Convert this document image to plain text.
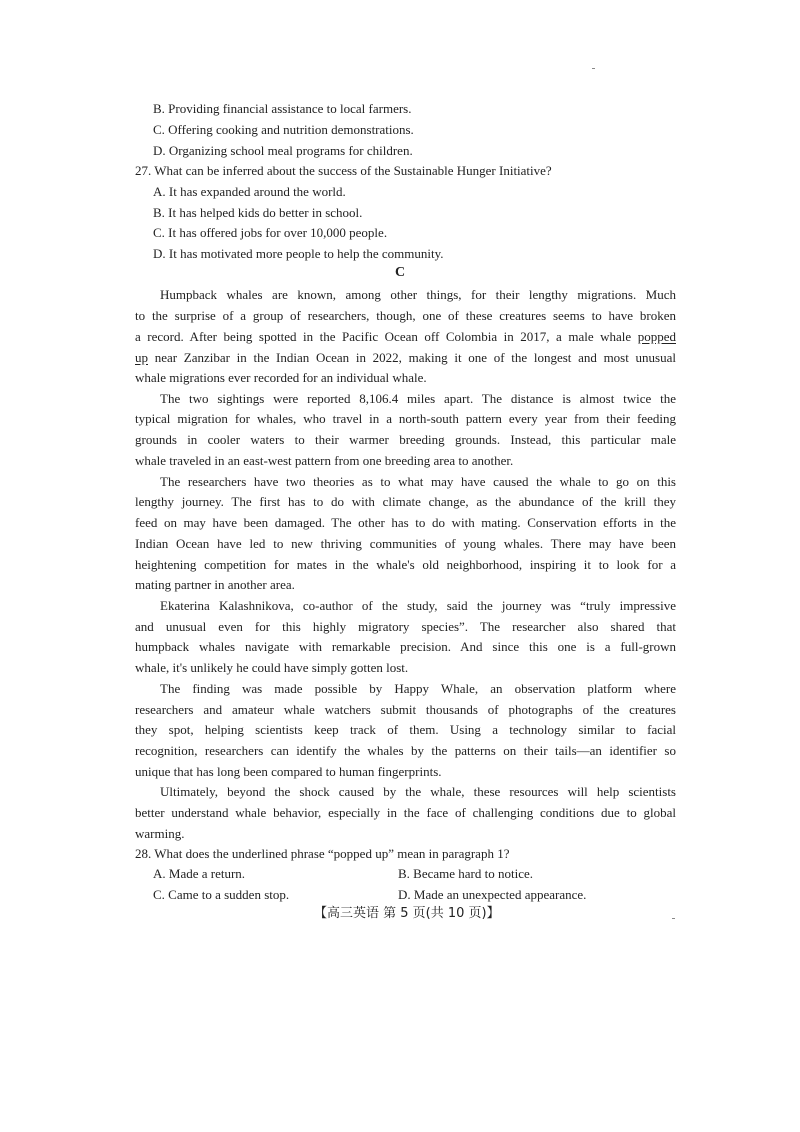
B. Providing financial assistance to local farmers.
C. Offering cooking and nutrition demonstrations.
D. Organizing school meal programs for children.
27. What can be inferred about the success of the Sustainable Hunger Initiative?
A. It has expanded around the world.
B. It has helped kids do better in school.
C. It has offered jobs for over 10,000 people.
D. It has motivated more people to help the community.
C
Humpback whales are known, among other things, for their lengthy migrations. Much
to the surprise of a group of researchers, though, one of these creatures seems to have broken
a record. After being spotted in the Pacific Ocean off Colombia in 2017, a male whale popped
up near Zanzibar in the Indian Ocean in 2022, making it one of the longest and most unusual
whale migrations ever recorded for an individual whale.
The two sightings were reported 8,106.4 miles apart. The distance is almost twice the
typical migration for whales, who travel in a north-south pattern every year from their feeding
grounds in cooler waters to their warmer breeding grounds. Instead, this particular male
whale traveled in an east-west pattern from one breeding area to another.
The researchers have two theories as to what may have caused the whale to go on this
lengthy journey. The first has to do with climate change, as the abundance of the krill they
feed on may have been damaged. The other has to do with mating. Conservation efforts in the
Indian Ocean have led to new thriving communities of young whales. There may have been
heightening competition for mates in the whale's old neighborhood, inspiring it to look for a
mating partner in another area.
Ekaterina Kalashnikova, co-author of the study, said the journey was “truly impressive
and unusual even for this highly migratory species”. The researcher also shared that
humpback whales navigate with remarkable precision. And since this one is a full-grown
whale, it's unlikely he could have simply gotten lost.
The finding was made possible by Happy Whale, an observation platform where
researchers and amateur whale watchers submit thousands of photographs of the creatures
they spot, helping scientists keep track of them. Using a technology similar to facial
recognition, researchers can identify the whales by the patterns on their tails—an identifier so
unique that has long been compared to human fingerprints.
Ultimately, beyond the shock caused by the whale, these resources will help scientists
better understand whale behavior, especially in the face of challenging conditions due to global
warming.
28. What does the underlined phrase “popped up” mean in paragraph 1?
A. Made a return.	B. Became hard to notice.
C. Came to a sudden stop.	D. Made an unexpected appearance.
【高三英语 第 5 页(共 10 页)】
